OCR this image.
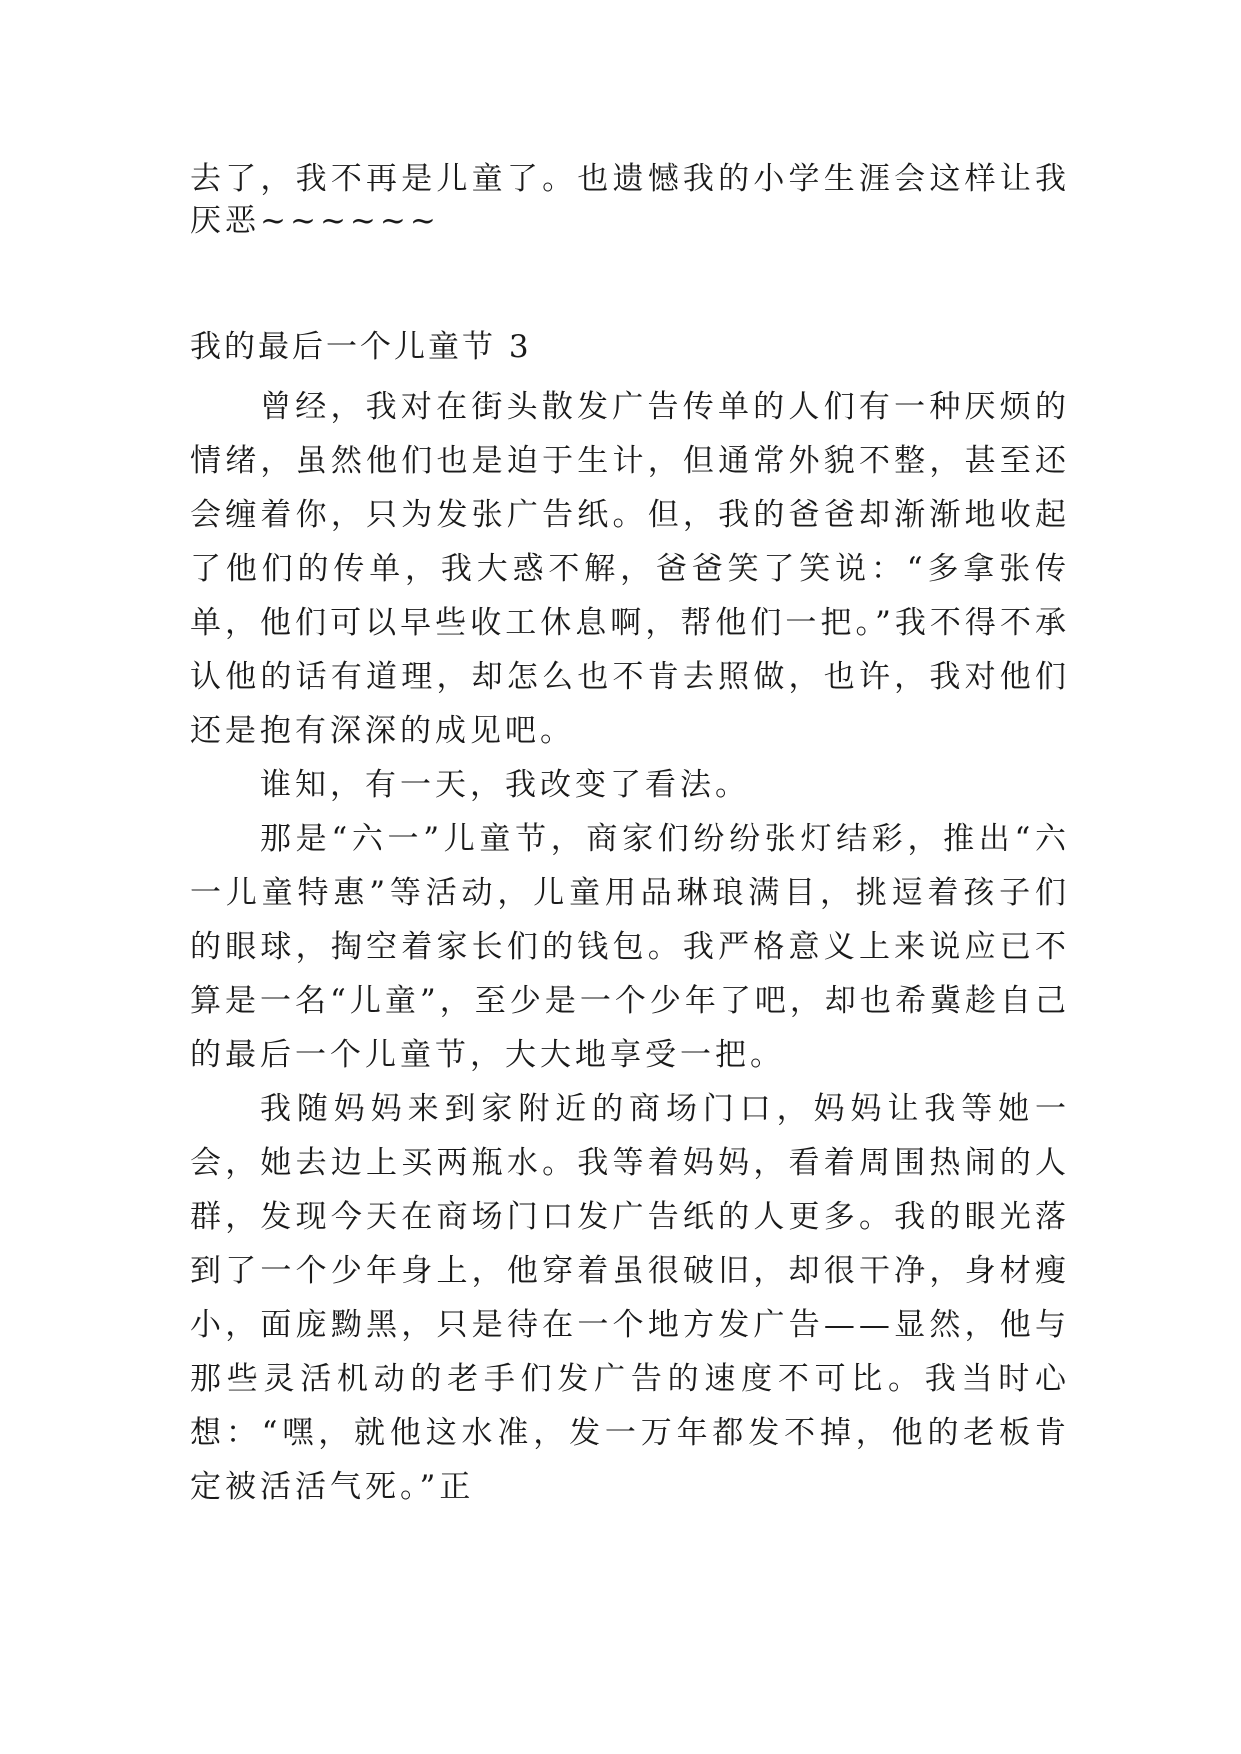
去了，我不再是儿童了。也遗憾我的小学生涯会这样让我厌恶~~~~~~

我的最后一个儿童节 3

曾经，我对在街头散发广告传单的人们有一种厌烦的情绪，虽然他们也是迫于生计，但通常外貌不整，甚至还会缠着你，只为发张广告纸。但，我的爸爸却渐渐地收起了他们的传单，我大惑不解，爸爸笑了笑说：“多拿张传单，他们可以早些收工休息啊，帮他们一把。”我不得不承认他的话有道理，却怎么也不肯去照做，也许，我对他们还是抱有深深的成见吧。

谁知，有一天，我改变了看法。

那是“六一”儿童节，商家们纷纷张灯结彩，推出“六一儿童特惠”等活动，儿童用品琳琅满目，挑逗着孩子们的眼球，掏空着家长们的钱包。我严格意义上来说应已不算是一名“儿童”，至少是一个少年了吧，却也希冀趁自己的最后一个儿童节，大大地享受一把。

我随妈妈来到家附近的商场门口，妈妈让我等她一会，她去边上买两瓶水。我等着妈妈，看着周围热闹的人群，发现今天在商场门口发广告纸的人更多。我的眼光落到了一个少年身上，他穿着虽很破旧，却很干净，身材瘦小，面庞黝黑，只是待在一个地方发广告——显然，他与那些灵活机动的老手们发广告的速度不可比。我当时心想：“嘿，就他这水准，发一万年都发不掉，他的老板肯定被活活气死。”正
